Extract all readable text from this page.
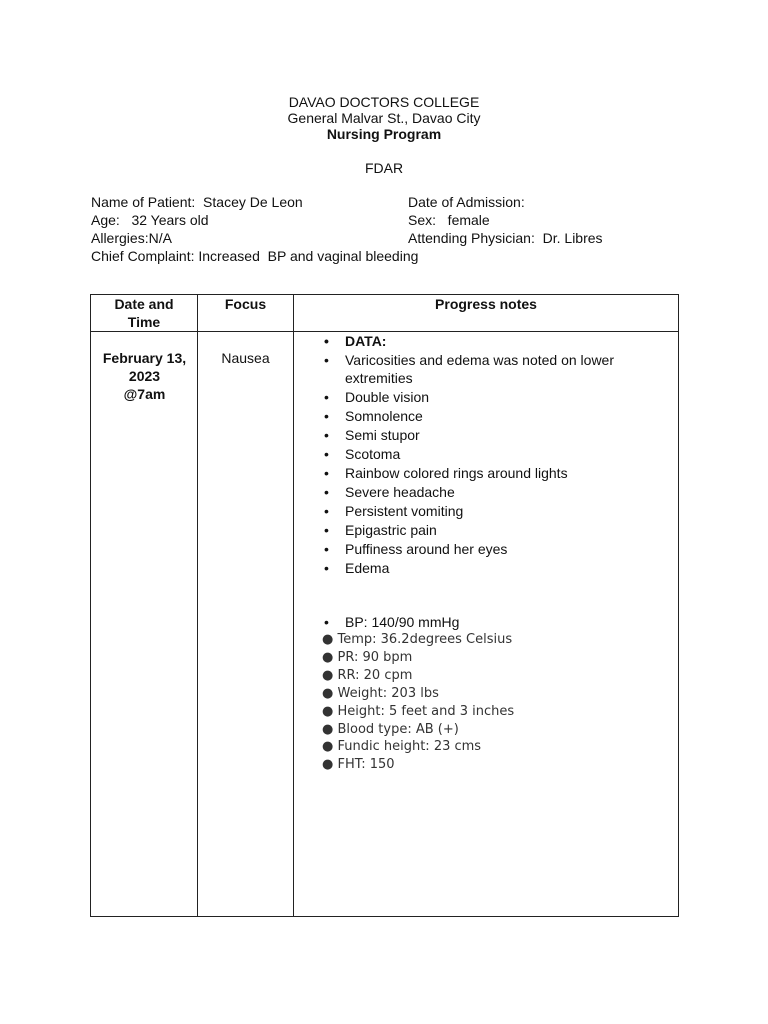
DAVAO DOCTORS COLLEGE
General Malvar St., Davao City
Nursing Program
FDAR
Name of Patient:  Stacey De Leon
Age:   32 Years old
Allergies:N/A
Chief Complaint: Increased  BP and vaginal bleeding
Date of Admission:
Sex:   female
Attending Physician:  Dr. Libres
Date and
Time
Focus	Progress notes
February 13,
2023
@7am
Nausea
• DATA:
• Varicosities and edema was noted on lower extremities
• Double vision
• Somnolence
• Semi stupor
• Scotoma
• Rainbow colored rings around lights
• Severe headache
• Persistent vomiting
• Epigastric pain
• Puffiness around her eyes
• Edema
• BP: 140/90 mmHg
● Temp: 36.2degrees Celsius
● PR: 90 bpm
● RR: 20 cpm
● Weight: 203 lbs
● Height: 5 feet and 3 inches
● Blood type: AB (+)
● Fundic height: 23 cms
● FHT: 150
